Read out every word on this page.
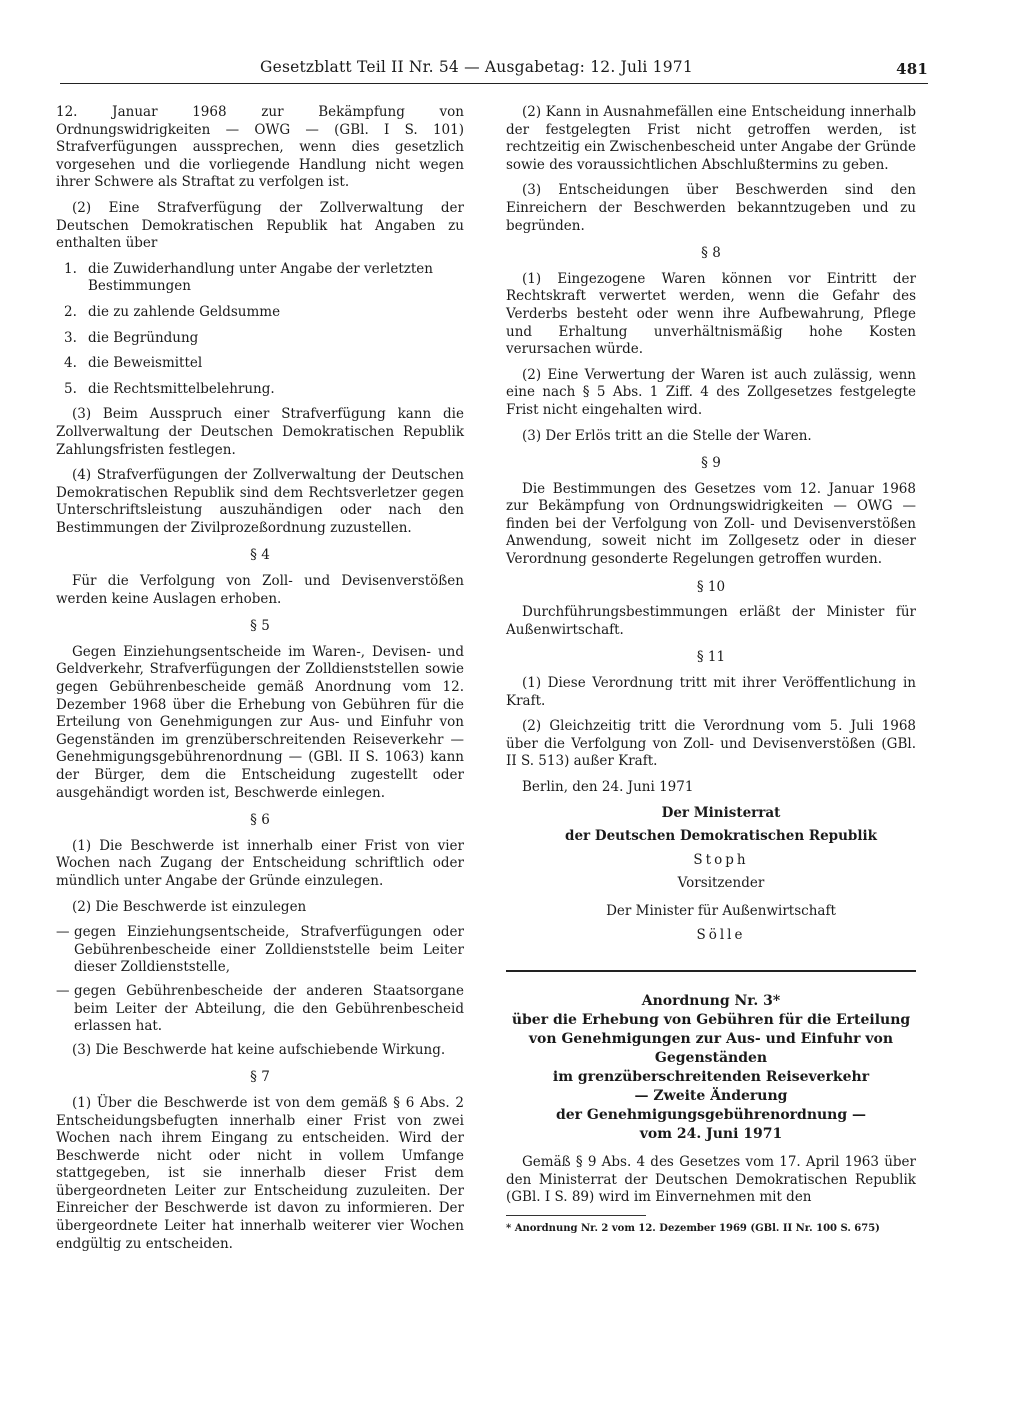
Gesetzblatt Teil II Nr. 54 — Ausgabetag: 12. Juli 1971	481

12. Januar 1968 zur Bekämpfung von Ordnungswidrigkeiten — OWG — (GBl. I S. 101) Strafverfügungen aussprechen, wenn dies gesetzlich vorgesehen und die vorliegende Handlung nicht wegen ihrer Schwere als Straftat zu verfolgen ist.

(2) Eine Strafverfügung der Zollverwaltung der Deutschen Demokratischen Republik hat Angaben zu enthalten über

1. die Zuwiderhandlung unter Angabe der verletzten Bestimmungen
2. die zu zahlende Geldsumme
3. die Begründung
4. die Beweismittel
5. die Rechtsmittelbelehrung.

(3) Beim Ausspruch einer Strafverfügung kann die Zollverwaltung der Deutschen Demokratischen Republik Zahlungsfristen festlegen.

(4) Strafverfügungen der Zollverwaltung der Deutschen Demokratischen Republik sind dem Rechtsverletzer gegen Unterschriftsleistung auszuhändigen oder nach den Bestimmungen der Zivilprozeßordnung zuzustellen.

§ 4

Für die Verfolgung von Zoll- und Devisenverstößen werden keine Auslagen erhoben.

§ 5

Gegen Einziehungsentscheide im Waren-, Devisen- und Geldverkehr, Strafverfügungen der Zolldienststellen sowie gegen Gebührenbescheide gemäß Anordnung vom 12. Dezember 1968 über die Erhebung von Gebühren für die Erteilung von Genehmigungen zur Aus- und Einfuhr von Gegenständen im grenzüberschreitenden Reiseverkehr — Genehmigungsgebührenordnung — (GBl. II S. 1063) kann der Bürger, dem die Entscheidung zugestellt oder ausgehändigt worden ist, Beschwerde einlegen.

§ 6

(1) Die Beschwerde ist innerhalb einer Frist von vier Wochen nach Zugang der Entscheidung schriftlich oder mündlich unter Angabe der Gründe einzulegen.

(2) Die Beschwerde ist einzulegen

— gegen Einziehungsentscheide, Strafverfügungen oder Gebührenbescheide einer Zolldienststelle beim Leiter dieser Zolldienststelle,
— gegen Gebührenbescheide der anderen Staatsorgane beim Leiter der Abteilung, die den Gebührenbescheid erlassen hat.

(3) Die Beschwerde hat keine aufschiebende Wirkung.

§ 7

(1) Über die Beschwerde ist von dem gemäß § 6 Abs. 2 Entscheidungsbefugten innerhalb einer Frist von zwei Wochen nach ihrem Eingang zu entscheiden. Wird der Beschwerde nicht oder nicht in vollem Umfange stattgegeben, ist sie innerhalb dieser Frist dem übergeordneten Leiter zur Entscheidung zuzuleiten. Der Einreicher der Beschwerde ist davon zu informieren. Der übergeordnete Leiter hat innerhalb weiterer vier Wochen endgültig zu entscheiden.

(2) Kann in Ausnahmefällen eine Entscheidung innerhalb der festgelegten Frist nicht getroffen werden, ist rechtzeitig ein Zwischenbescheid unter Angabe der Gründe sowie des voraussichtlichen Abschlußtermins zu geben.

(3) Entscheidungen über Beschwerden sind den Einreichern der Beschwerden bekanntzugeben und zu begründen.

§ 8

(1) Eingezogene Waren können vor Eintritt der Rechtskraft verwertet werden, wenn die Gefahr des Verderbs besteht oder wenn ihre Aufbewahrung, Pflege und Erhaltung unverhältnismäßig hohe Kosten verursachen würde.

(2) Eine Verwertung der Waren ist auch zulässig, wenn eine nach § 5 Abs. 1 Ziff. 4 des Zollgesetzes festgelegte Frist nicht eingehalten wird.

(3) Der Erlös tritt an die Stelle der Waren.

§ 9

Die Bestimmungen des Gesetzes vom 12. Januar 1968 zur Bekämpfung von Ordnungswidrigkeiten — OWG — finden bei der Verfolgung von Zoll- und Devisenverstößen Anwendung, soweit nicht im Zollgesetz oder in dieser Verordnung gesonderte Regelungen getroffen wurden.

§ 10

Durchführungsbestimmungen erläßt der Minister für Außenwirtschaft.

§ 11

(1) Diese Verordnung tritt mit ihrer Veröffentlichung in Kraft.

(2) Gleichzeitig tritt die Verordnung vom 5. Juli 1968 über die Verfolgung von Zoll- und Devisenverstößen (GBl. II S. 513) außer Kraft.

Berlin, den 24. Juni 1971

Der Ministerrat

der Deutschen Demokratischen Republik

Stoph

Vorsitzender

Der Minister für Außenwirtschaft

Sölle

Anordnung Nr. 3*
über die Erhebung von Gebühren für die Erteilung
von Genehmigungen zur Aus- und Einfuhr von
Gegenständen
im grenzüberschreitenden Reiseverkehr
— Zweite Änderung
der Genehmigungsgebührenordnung —
vom 24. Juni 1971

Gemäß § 9 Abs. 4 des Gesetzes vom 17. April 1963 über den Ministerrat der Deutschen Demokratischen Republik (GBl. I S. 89) wird im Einvernehmen mit den

* Anordnung Nr. 2 vom 12. Dezember 1969 (GBl. II Nr. 100 S. 675)
